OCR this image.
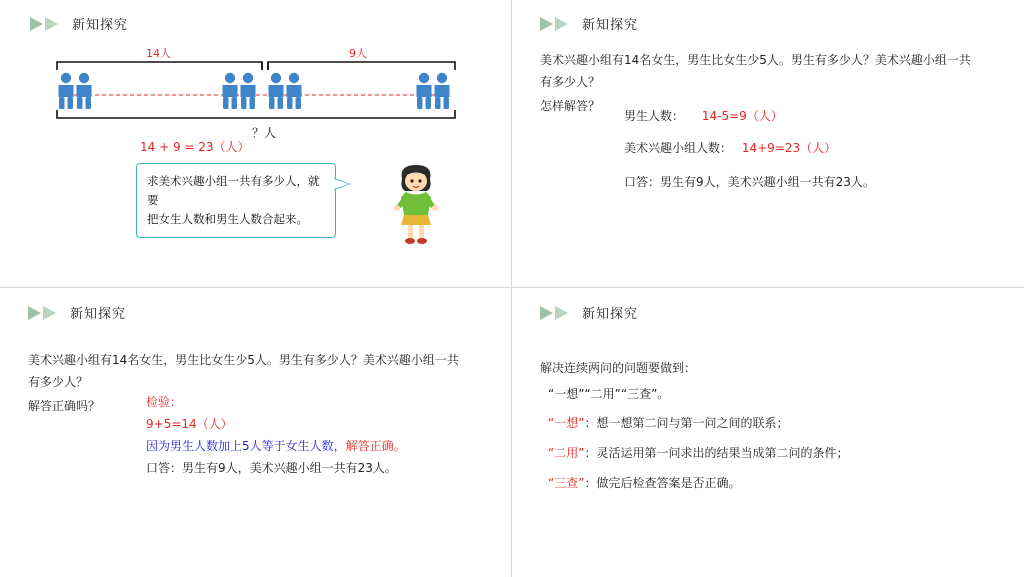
新知探究
14人	9人
？人
14 + 9 = 23（人）
求美术兴趣小组一共有多少人，就要
把女生人数和男生人数合起来。
新知探究
美术兴趣小组有14名女生，男生比女生少5人。男生有多少人？美术兴趣小组一共
有多少人？
怎样解答？
男生人数： 14-5=9（人）
美术兴趣小组人数： 14+9=23（人）
口答：男生有9人，美术兴趣小组一共有23人。
新知探究
美术兴趣小组有14名女生，男生比女生少5人。男生有多少人？美术兴趣小组一共
有多少人？
解答正确吗？	检验：
9+5=14（人）
因为男生人数加上5人等于女生人数，解答正确。
口答：男生有9人，美术兴趣小组一共有23人。
新知探究
解决连续两问的问题要做到：
“一想”“二用”“三查”。
“一想”：想一想第二问与第一问之间的联系；
“二用”：灵活运用第一问求出的结果当成第二问的条件；
“三查”：做完后检查答案是否正确。
